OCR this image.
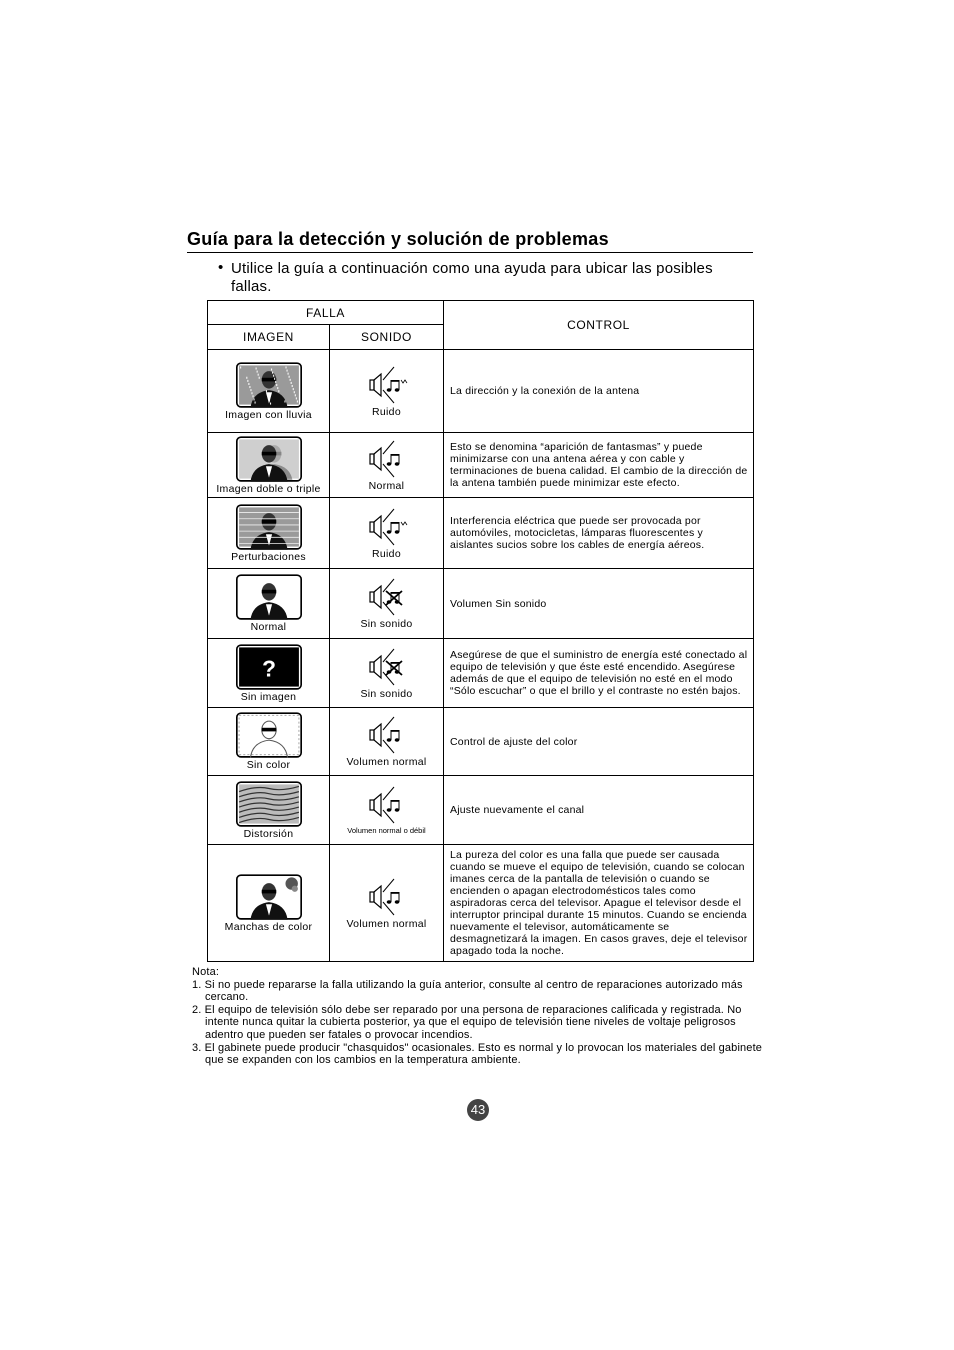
Guía para la detección y solución de problemas
• Utilice la guía a continuación como una ayuda para ubicar las posibles fallas.
FALLA		CONTROL
IMAGEN	SONIDO	

Imagen con lluvia	Ruido	La dirección y la conexión de la antena

Imagen doble o triple	Normal	Esto se denomina “aparición de fantasmas” y puede minimizarse con una antena aérea y con cable y terminaciones de buena calidad. El cambio de la dirección de la antena también puede minimizar este efecto.

Perturbaciones	Ruido	Interferencia eléctrica que puede ser provocada por automóviles, motocicletas, lámparas fluorescentes y aislantes sucios sobre los cables de energía aéreos.

Normal	Sin sonido	Volumen Sin sonido

?
Sin imagen	Sin sonido	Asegúrese de que el suministro de energía esté conectado al equipo de televisión y que éste esté encendido. Asegúrese además de que el equipo de televisión no esté en el modo “Sólo escuchar” o que el brillo y el contraste no estén bajos.

Sin color	Volumen normal	Control de ajuste del color

Distorsión	Volumen normal o débil	Ajuste nuevamente el canal

Manchas de color	Volumen normal	La pureza del color es una falla que puede ser causada cuando se mueve el equipo de televisión, cuando se colocan imanes cerca de la pantalla de televisión o cuando se encienden o apagan electrodomésticos tales como aspiradoras cerca del televisor. Apague el televisor desde el interruptor principal durante 15 minutos. Cuando se encienda nuevamente el televisor, automáticamente se desmagnetizará la imagen. En casos graves, deje el televisor apagado toda la noche.
Nota:
1. Si no puede repararse la falla utilizando la guía anterior, consulte al centro de reparaciones autorizado más cercano.
2. El equipo de televisión sólo debe ser reparado por una persona de reparaciones calificada y registrada. No intente nunca quitar la cubierta posterior, ya que el equipo de televisión tiene niveles de voltaje peligrosos adentro que pueden ser fatales o provocar incendios.
3. El gabinete puede producir "chasquidos" ocasionales. Esto es normal y lo provocan los materiales del gabinete que se expanden con los cambios en la temperatura ambiente.
43
